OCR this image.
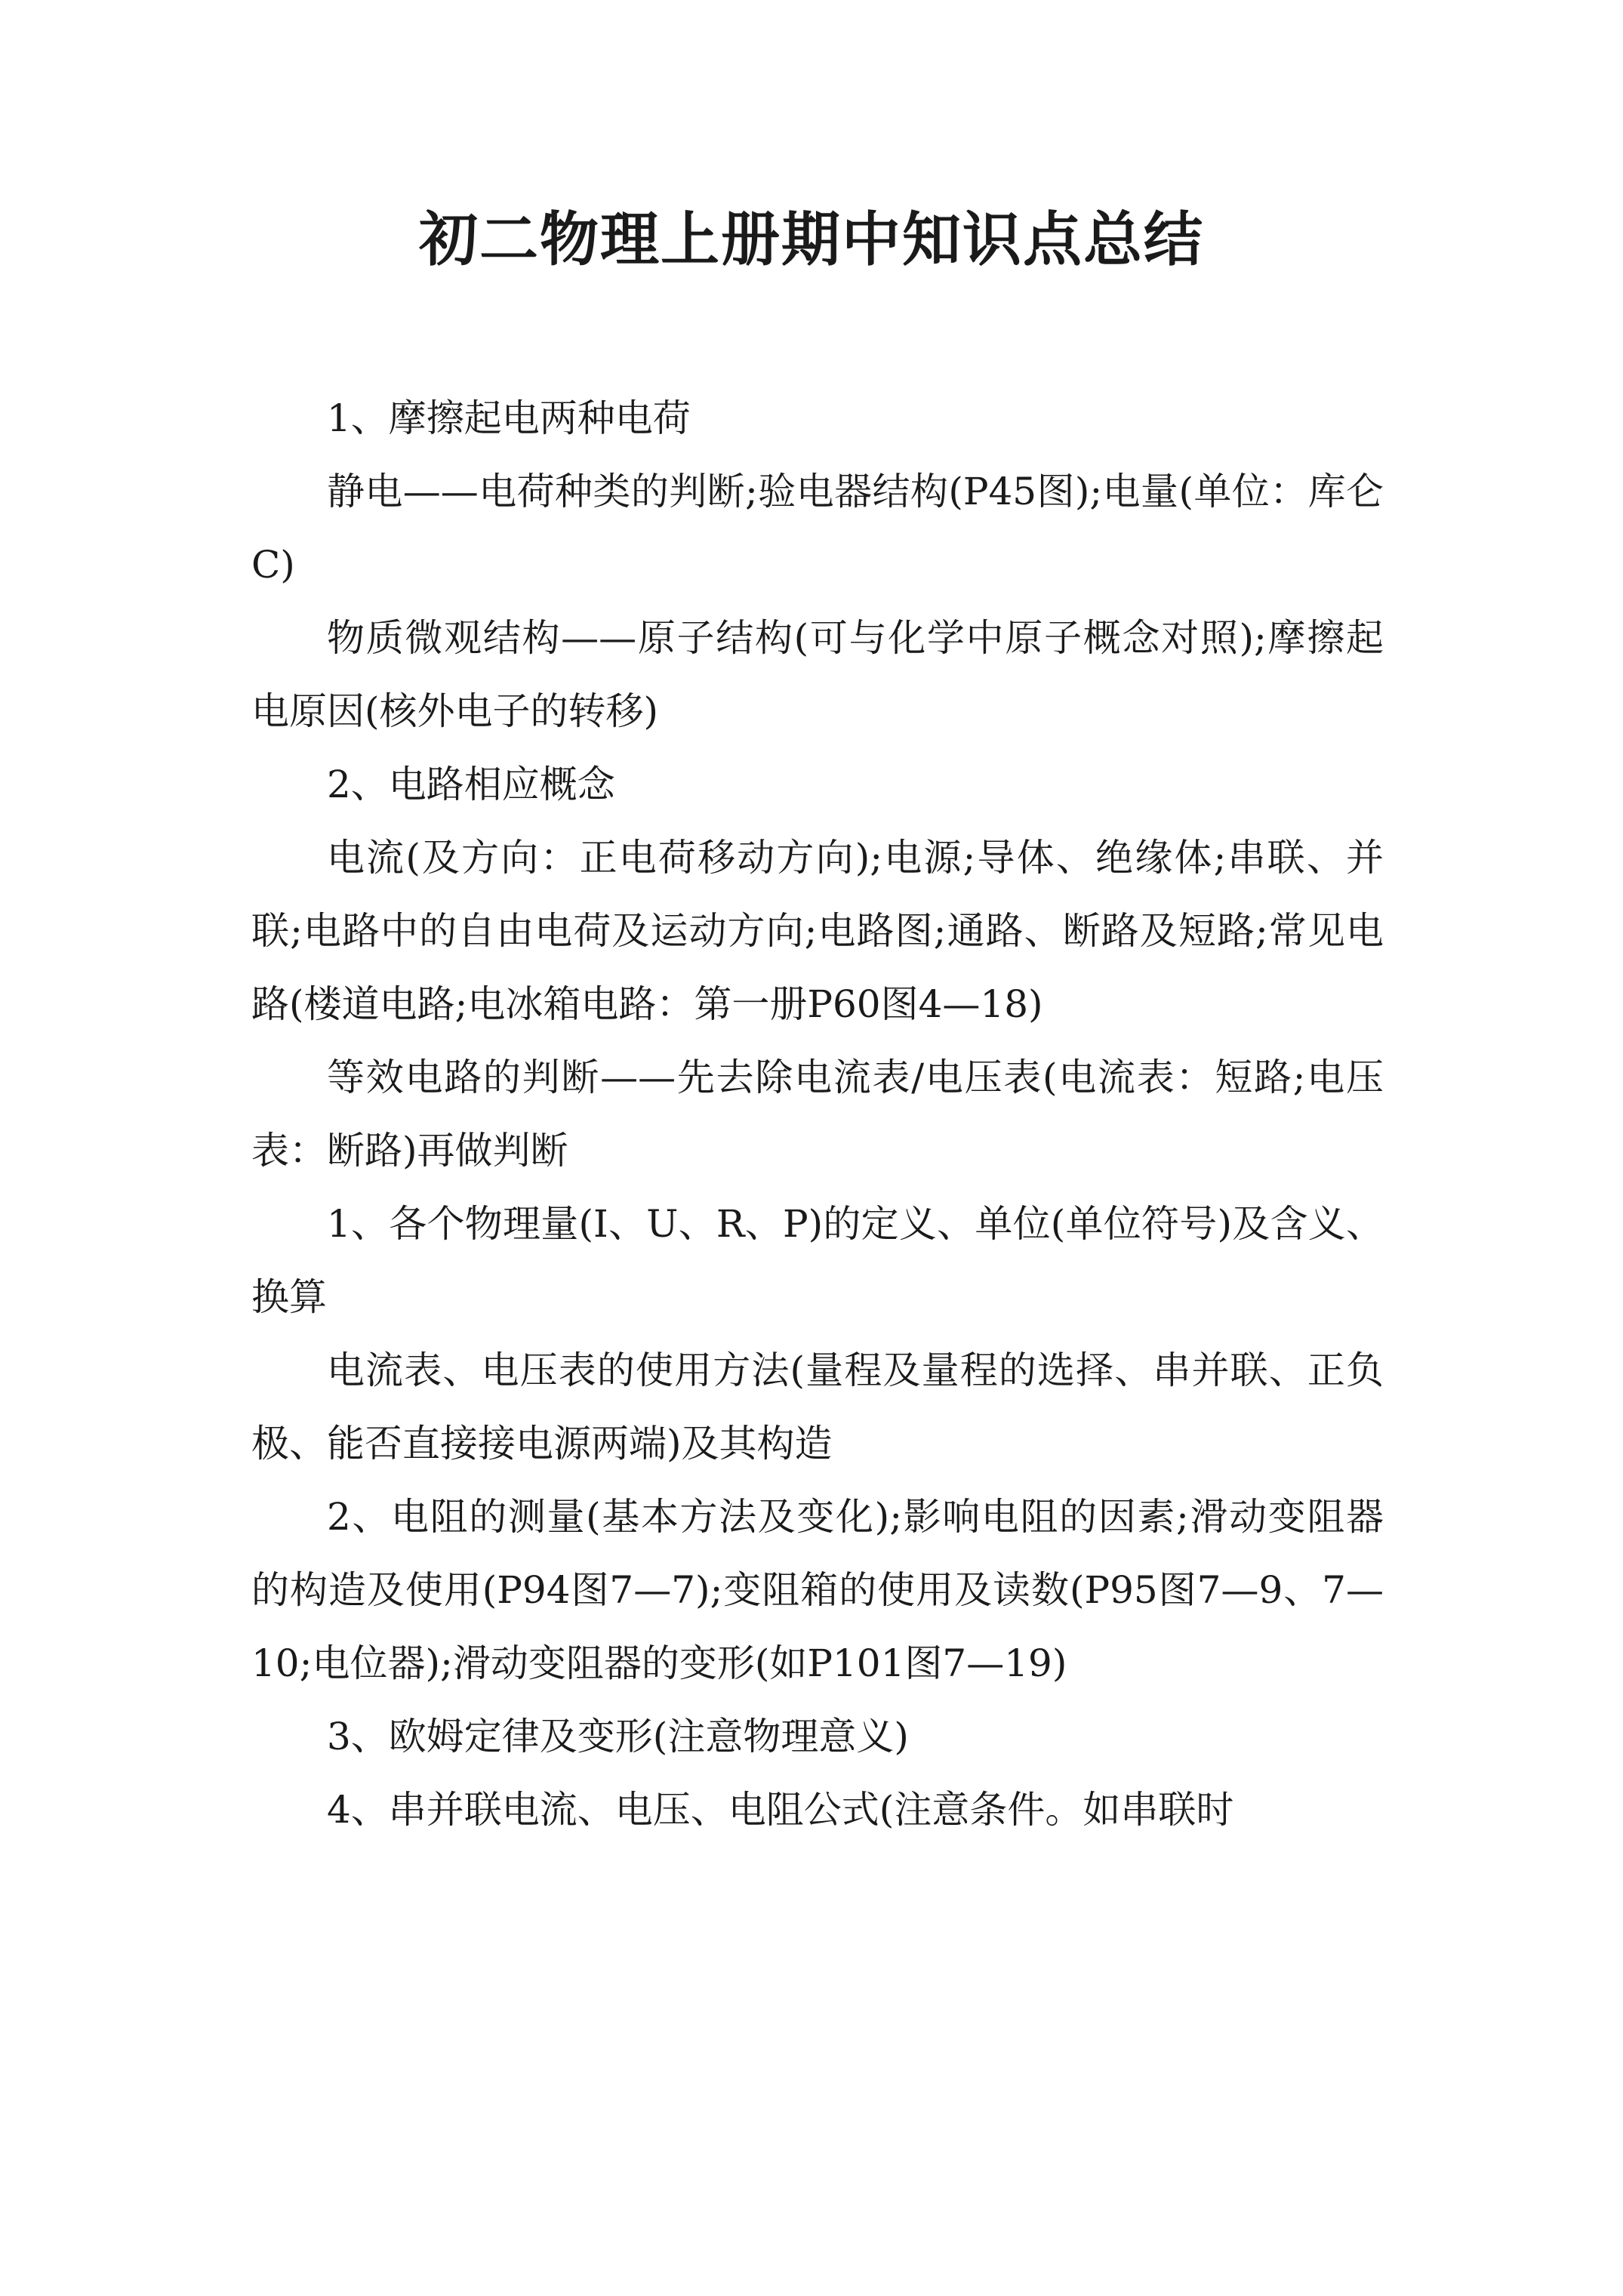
初二物理上册期中知识点总结

1、摩擦起电两种电荷

静电——电荷种类的判断;验电器结构(P45图);电量(单位：库仑C)

物质微观结构——原子结构(可与化学中原子概念对照);摩擦起电原因(核外电子的转移)

2、电路相应概念

电流(及方向：正电荷移动方向);电源;导体、绝缘体;串联、并联;电路中的自由电荷及运动方向;电路图;通路、断路及短路;常见电路(楼道电路;电冰箱电路：第一册P60图4—18)

等效电路的判断——先去除电流表/电压表(电流表：短路;电压表：断路)再做判断

1、各个物理量(I、U、R、P)的定义、单位(单位符号)及含义、换算

电流表、电压表的使用方法(量程及量程的选择、串并联、正负极、能否直接接电源两端)及其构造

2、电阻的测量(基本方法及变化);影响电阻的因素;滑动变阻器的构造及使用(P94图7—7);变阻箱的使用及读数(P95图7—9、7—10;电位器);滑动变阻器的变形(如P101图7—19)

3、欧姆定律及变形(注意物理意义)

4、串并联电流、电压、电阻公式(注意条件。如串联时
